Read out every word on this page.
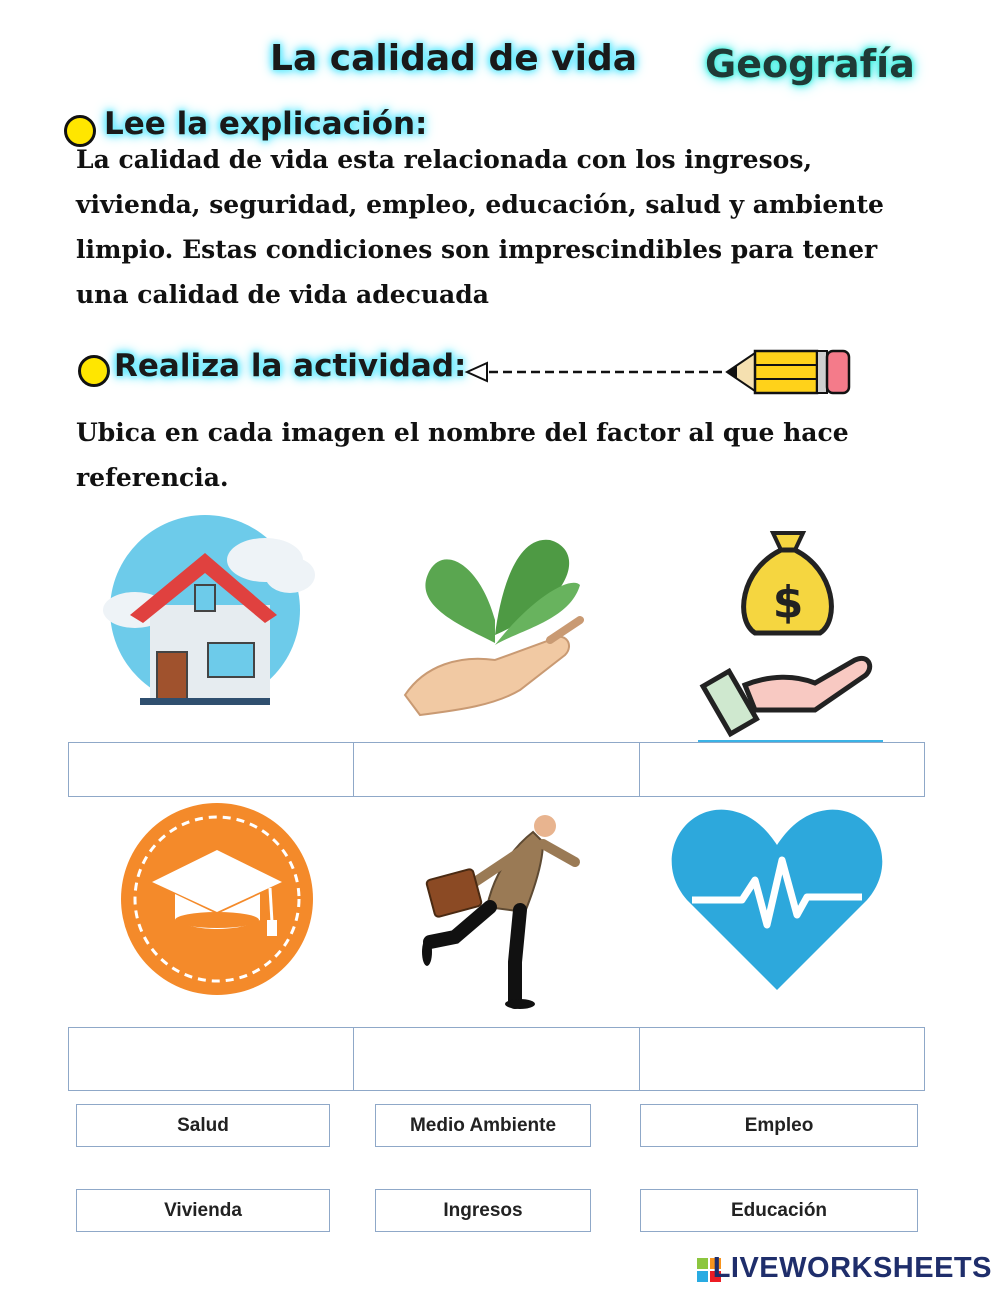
La calidad de vida Geografía
Lee la explicación:
La calidad de vida esta relacionada con los ingresos, vivienda, seguridad, empleo, educación, salud y ambiente limpio. Estas condiciones son imprescindibles para tener una calidad de vida adecuada
Realiza la actividad:
Ubica en cada imagen el nombre del factor al que hace referencia.
$
Salud	Medio Ambiente	Empleo
Vivienda	Ingresos	Educación
LIVEWORKSHEETS
